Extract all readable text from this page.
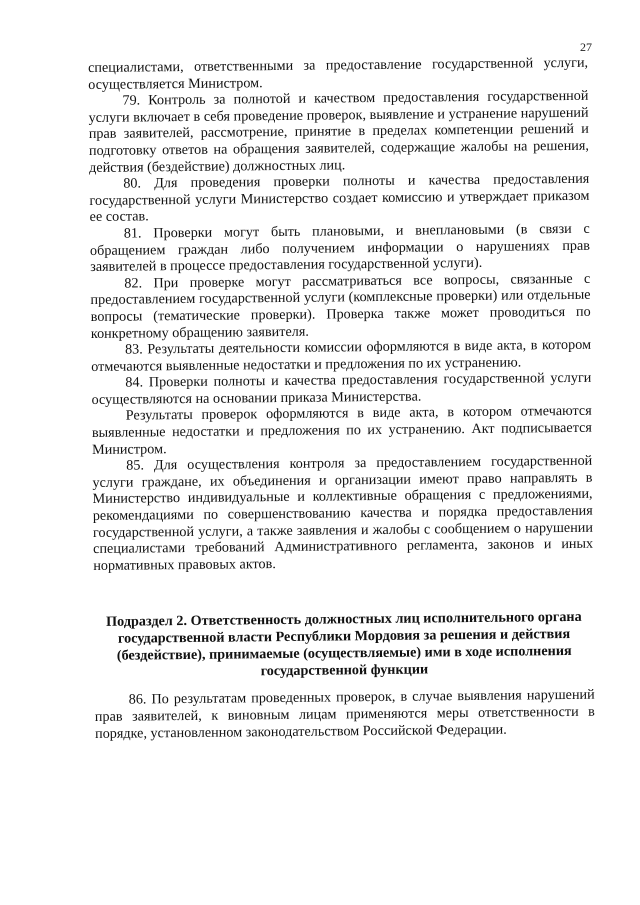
27

специалистами, ответственными за предоставление государственной услуги, осуществляется Министром.

79. Контроль за полнотой и качеством предоставления государственной услуги включает в себя проведение проверок, выявление и устранение нарушений прав заявителей, рассмотрение, принятие в пределах компетенции решений и подготовку ответов на обращения заявителей, содержащие жалобы на решения, действия (бездействие) должностных лиц.

80. Для проведения проверки полноты и качества предоставления государственной услуги Министерство создает комиссию и утверждает приказом ее состав.

81. Проверки могут быть плановыми, и внеплановыми (в связи с обращением граждан либо получением информации о нарушениях прав заявителей в процессе предоставления государственной услуги).

82. При проверке могут рассматриваться все вопросы, связанные с предоставлением государственной услуги (комплексные проверки) или отдельные вопросы (тематические проверки). Проверка также может проводиться по конкретному обращению заявителя.

83. Результаты деятельности комиссии оформляются в виде акта, в котором отмечаются выявленные недостатки и предложения по их устранению.

84. Проверки полноты и качества предоставления государственной услуги осуществляются на основании приказа Министерства.

Результаты проверок оформляются в виде акта, в котором отмечаются выявленные недостатки и предложения по их устранению. Акт подписывается Министром.

85. Для осуществления контроля за предоставлением государственной услуги граждане, их объединения и организации имеют право направлять в Министерство индивидуальные и коллективные обращения с предложениями, рекомендациями по совершенствованию качества и порядка предоставления государственной услуги, а также заявления и жалобы с сообщением о нарушении специалистами требований Административного регламента, законов и иных нормативных правовых актов.

Подраздел 2. Ответственность должностных лиц исполнительного органа государственной власти Республики Мордовия за решения и действия (бездействие), принимаемые (осуществляемые) ими в ходе исполнения государственной функции

86. По результатам проведенных проверок, в случае выявления нарушений прав заявителей, к виновным лицам применяются меры ответственности в порядке, установленном законодательством Российской Федерации.
